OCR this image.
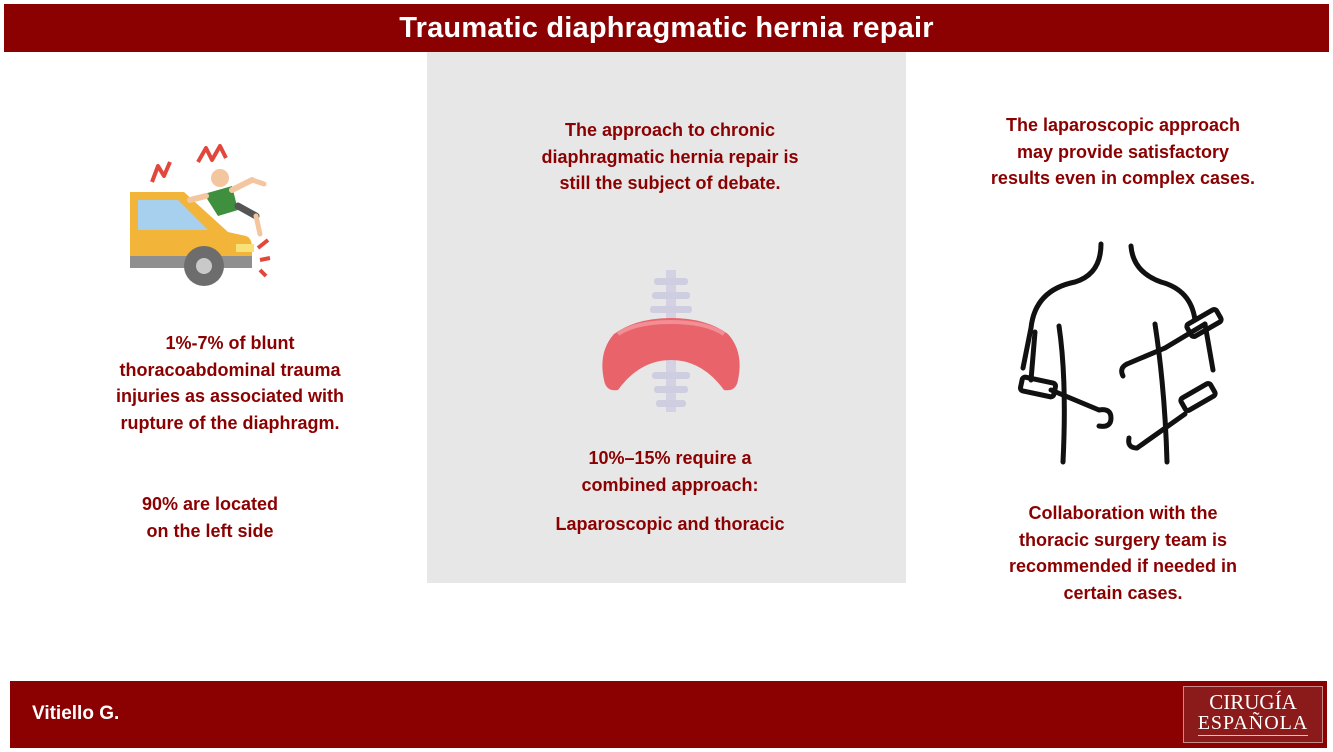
Traumatic diaphragmatic hernia repair
1%-7% of blunt
thoracoabdominal trauma
injuries as associated with
rupture of the diaphragm.
90% are located
on the left side
The approach to chronic
diaphragmatic hernia repair is
still the subject of debate.
10%–15% require a
combined approach:
Laparoscopic and thoracic
The laparoscopic approach
may provide satisfactory
results even in complex cases.
Collaboration with the
thoracic surgery team is
recommended if needed in
certain cases.
Vitiello G.	CIRUGÍA
ESPAÑOLA
